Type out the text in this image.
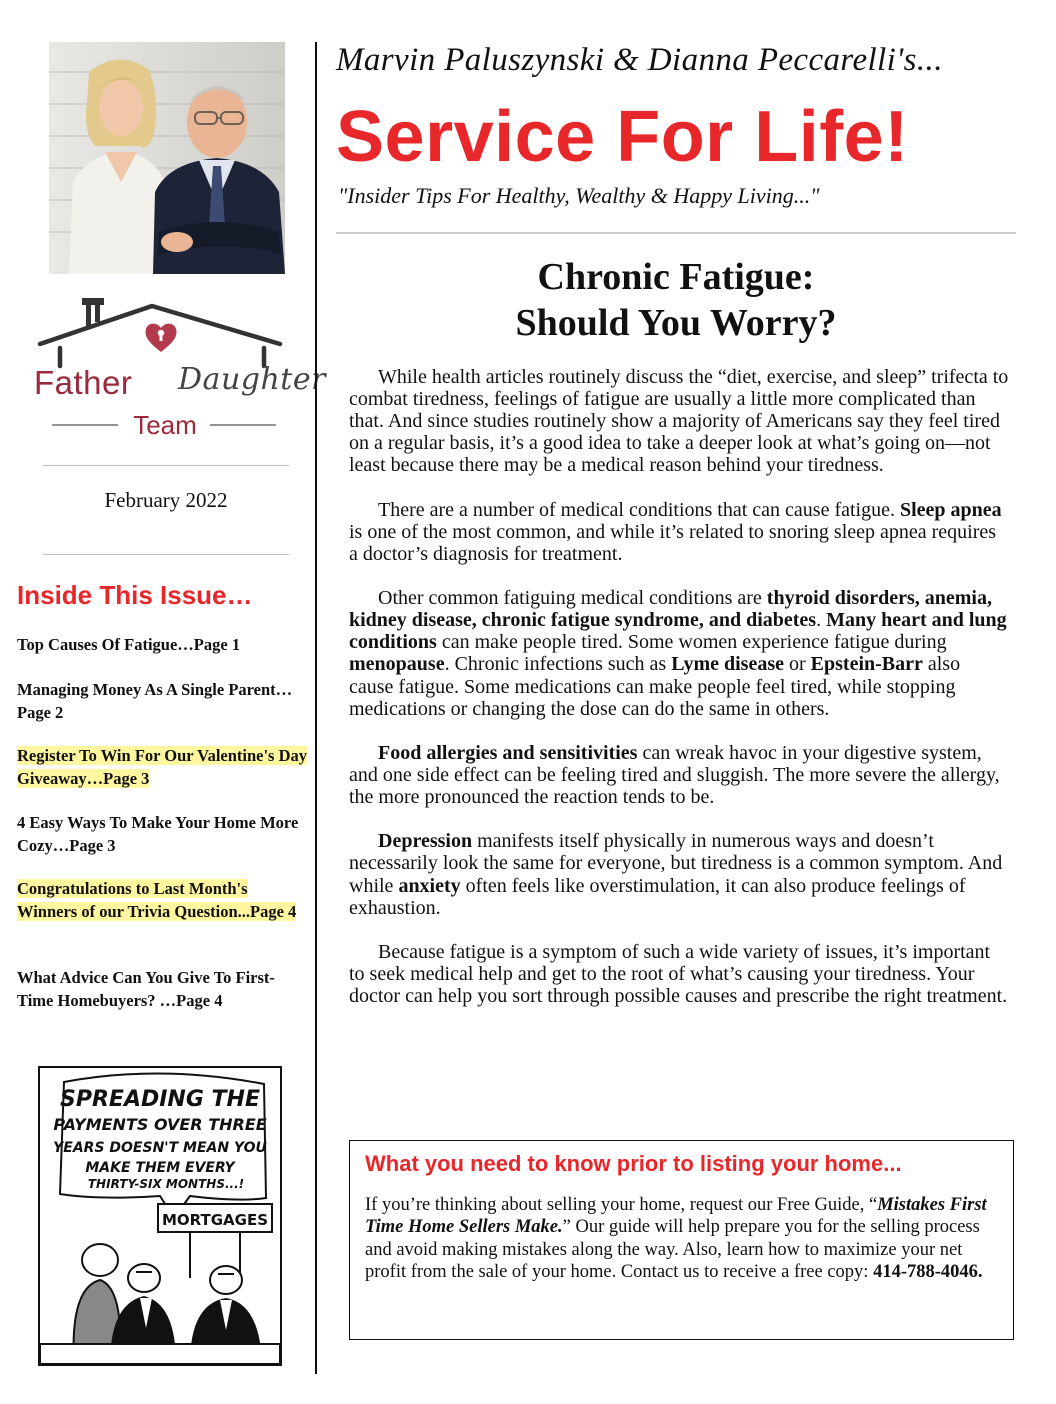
Father Daughter
Team
February 2022
Inside This Issue…
Top Causes Of Fatigue…Page 1
Managing Money As A Single Parent…Page 2
Register To Win For Our Valentine's Day Giveaway…Page 3
4 Easy Ways To Make Your Home More Cozy…Page 3
Congratulations to Last Month's Winners of our Trivia Question...Page 4
What Advice Can You Give To First-Time Homebuyers? …Page 4
SPREADING THE
PAYMENTS OVER THREE
YEARS DOESN'T MEAN YOU
MAKE THEM EVERY
THIRTY-SIX MONTHS...!
MORTGAGES
Marvin Paluszynski & Dianna Peccarelli's...
Service For Life!
"Insider Tips For Healthy, Wealthy & Happy Living..."
Chronic Fatigue:
Should You Worry?

While health articles routinely discuss the “diet, exercise, and sleep” trifecta to combat tiredness, feelings of fatigue are usually a little more complicated than that. And since studies routinely show a majority of Americans say they feel tired on a regular basis, it’s a good idea to take a deeper look at what’s going on—not least because there may be a medical reason behind your tiredness.

There are a number of medical conditions that can cause fatigue. Sleep apnea is one of the most common, and while it’s related to snoring sleep apnea requires a doctor’s diagnosis for treatment.

Other common fatiguing medical conditions are thyroid disorders, anemia, kidney disease, chronic fatigue syndrome, and diabetes. Many heart and lung conditions can make people tired. Some women experience fatigue during menopause. Chronic infections such as Lyme disease or Epstein-Barr also cause fatigue. Some medications can make people feel tired, while stopping medications or changing the dose can do the same in others.

Food allergies and sensitivities can wreak havoc in your digestive system, and one side effect can be feeling tired and sluggish. The more severe the allergy, the more pronounced the reaction tends to be.

Depression manifests itself physically in numerous ways and doesn’t necessarily look the same for everyone, but tiredness is a common symptom. And while anxiety often feels like overstimulation, it can also produce feelings of exhaustion.

Because fatigue is a symptom of such a wide variety of issues, it’s important to seek medical help and get to the root of what’s causing your tiredness. Your doctor can help you sort through possible causes and prescribe the right treatment.

What you need to know prior to listing your home...
If you’re thinking about selling your home, request our Free Guide, “Mistakes First Time Home Sellers Make.” Our guide will help prepare you for the selling process and avoid making mistakes along the way. Also, learn how to maximize your net profit from the sale of your home. Contact us to receive a free copy: 414-788-4046.
